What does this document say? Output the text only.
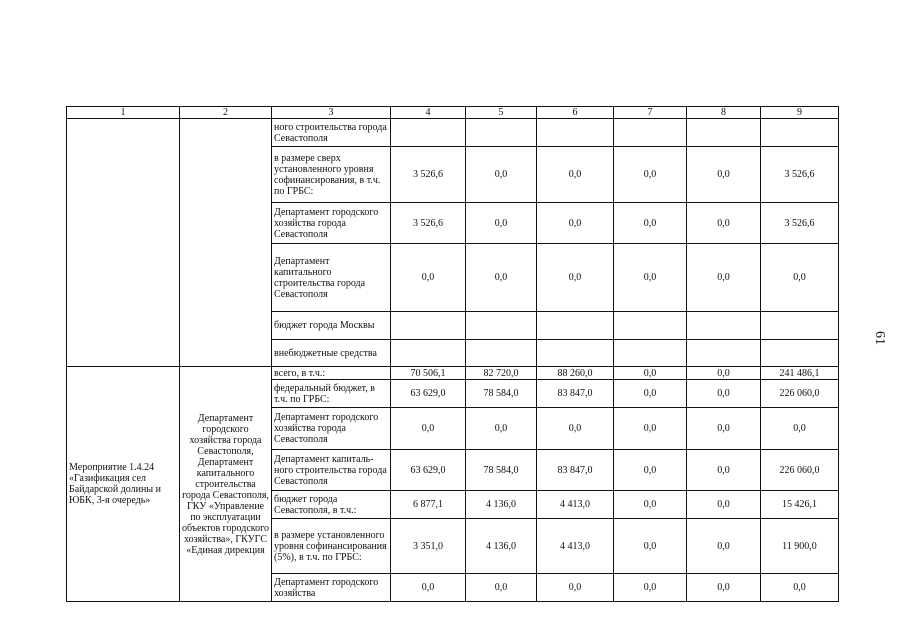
1	2	3	4	5	6	7	8	9
		ного строительства города Севастополя						
		в размере сверх установленного уровня софинансирования, в т.ч. по ГРБС:	3 526,6	0,0	0,0	0,0	0,0	3 526,6
		Департамент городского хозяйства города Севастополя	3 526,6	0,0	0,0	0,0	0,0	3 526,6
		Департамент капитального строительства города Севастополя	0,0	0,0	0,0	0,0	0,0	0,0
		бюджет города Москвы						
		внебюджетные средства						
Мероприятие 1.4.24 «Газификация сел Байдарской долины и ЮБК, 3-я очередь»	Департамент городского хозяйства города Севастополя, Департамент капитального строительства города Севастополя, ГКУ «Управление по эксплуатации объектов городского хозяйства», ГКУГС «Единая дирекция	всего, в т.ч.:	70 506,1	82 720,0	88 260,0	0,0	0,0	241 486,1
		федеральный бюджет, в т.ч. по ГРБС:	63 629,0	78 584,0	83 847,0	0,0	0,0	226 060,0
		Департамент городского хозяйства города Севастополя	0,0	0,0	0,0	0,0	0,0	0,0
		Департамент капиталь-ного строительства города Севастополя	63 629,0	78 584,0	83 847,0	0,0	0,0	226 060,0
		бюджет города Севастополя, в т.ч.:	6 877,1	4 136,0	4 413,0	0,0	0,0	15 426,1
		в размере установленного уровня софинансирования (5%), в т.ч. по ГРБС:	3 351,0	4 136,0	4 413,0	0,0	0,0	11 900,0
		Департамент городского хозяйства	0,0	0,0	0,0	0,0	0,0	0,0
61
